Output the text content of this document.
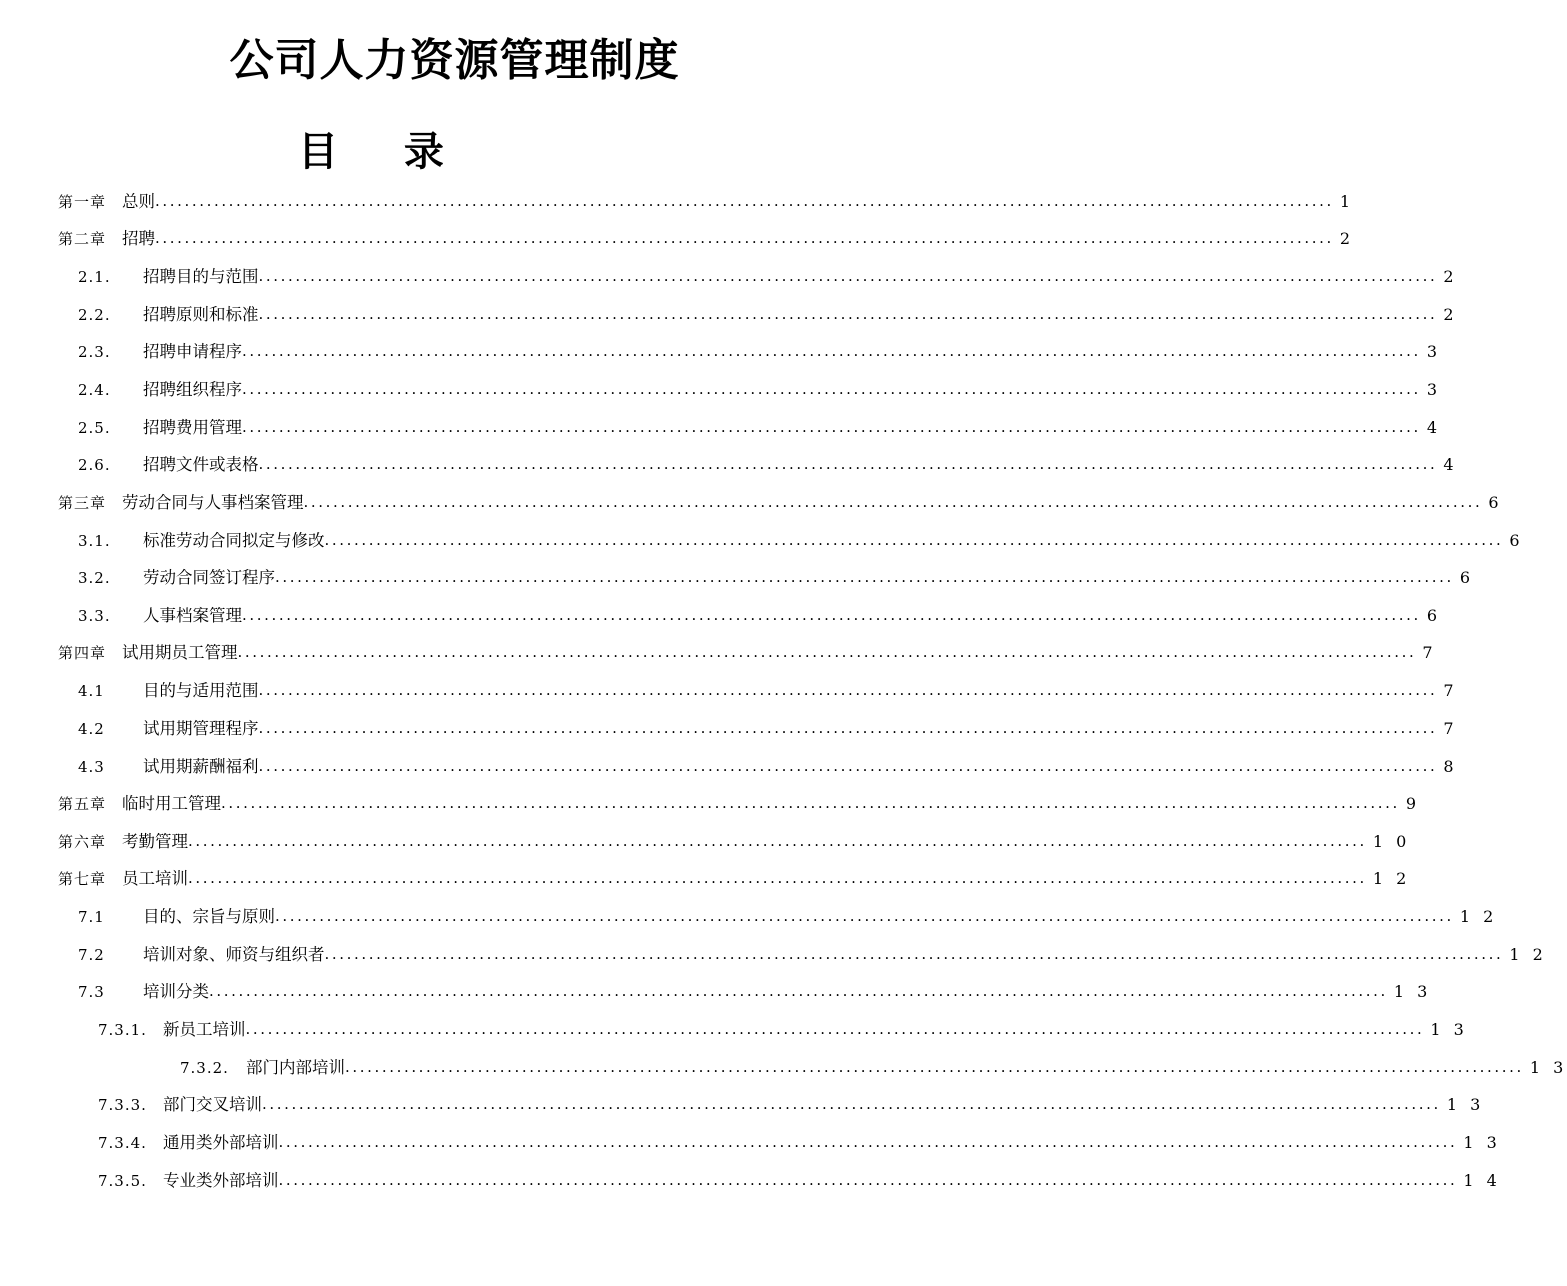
公司人力资源管理制度
目 录
第一章 总则 ................................................................................................................................................................ 1
第二章 招聘 ................................................................................................................................................................ 2
2.1. 招聘目的与范围 ................................................................................................................................................................ 2
2.2. 招聘原则和标准 ................................................................................................................................................................ 2
2.3. 招聘申请程序 ................................................................................................................................................................ 3
2.4. 招聘组织程序 ................................................................................................................................................................ 3
2.5. 招聘费用管理 ................................................................................................................................................................ 4
2.6. 招聘文件或表格 ................................................................................................................................................................ 4
第三章 劳动合同与人事档案管理 ................................................................................................................................................................ 6
3.1. 标准劳动合同拟定与修改 ................................................................................................................................................................ 6
3.2. 劳动合同签订程序 ................................................................................................................................................................ 6
3.3. 人事档案管理 ................................................................................................................................................................ 6
第四章 试用期员工管理 ................................................................................................................................................................ 7
4.1 目的与适用范围 ................................................................................................................................................................ 7
4.2 试用期管理程序 ................................................................................................................................................................ 7
4.3 试用期薪酬福利 ................................................................................................................................................................ 8
第五章 临时用工管理 ................................................................................................................................................................ 9
第六章 考勤管理 ................................................................................................................................................................ 1 0
第七章 员工培训 ................................................................................................................................................................ 1 2
7.1 目的、宗旨与原则 ................................................................................................................................................................ 1 2
7.2 培训对象、师资与组织者 ................................................................................................................................................................ 1 2
7.3 培训分类 ................................................................................................................................................................ 1 3
7.3.1. 新员工培训 ................................................................................................................................................................ 1 3
7.3.2. 部门内部培训 ................................................................................................................................................................ 1 3
7.3.3. 部门交叉培训 ................................................................................................................................................................ 1 3
7.3.4. 通用类外部培训 ................................................................................................................................................................ 1 3
7.3.5. 专业类外部培训 ................................................................................................................................................................ 1 4
